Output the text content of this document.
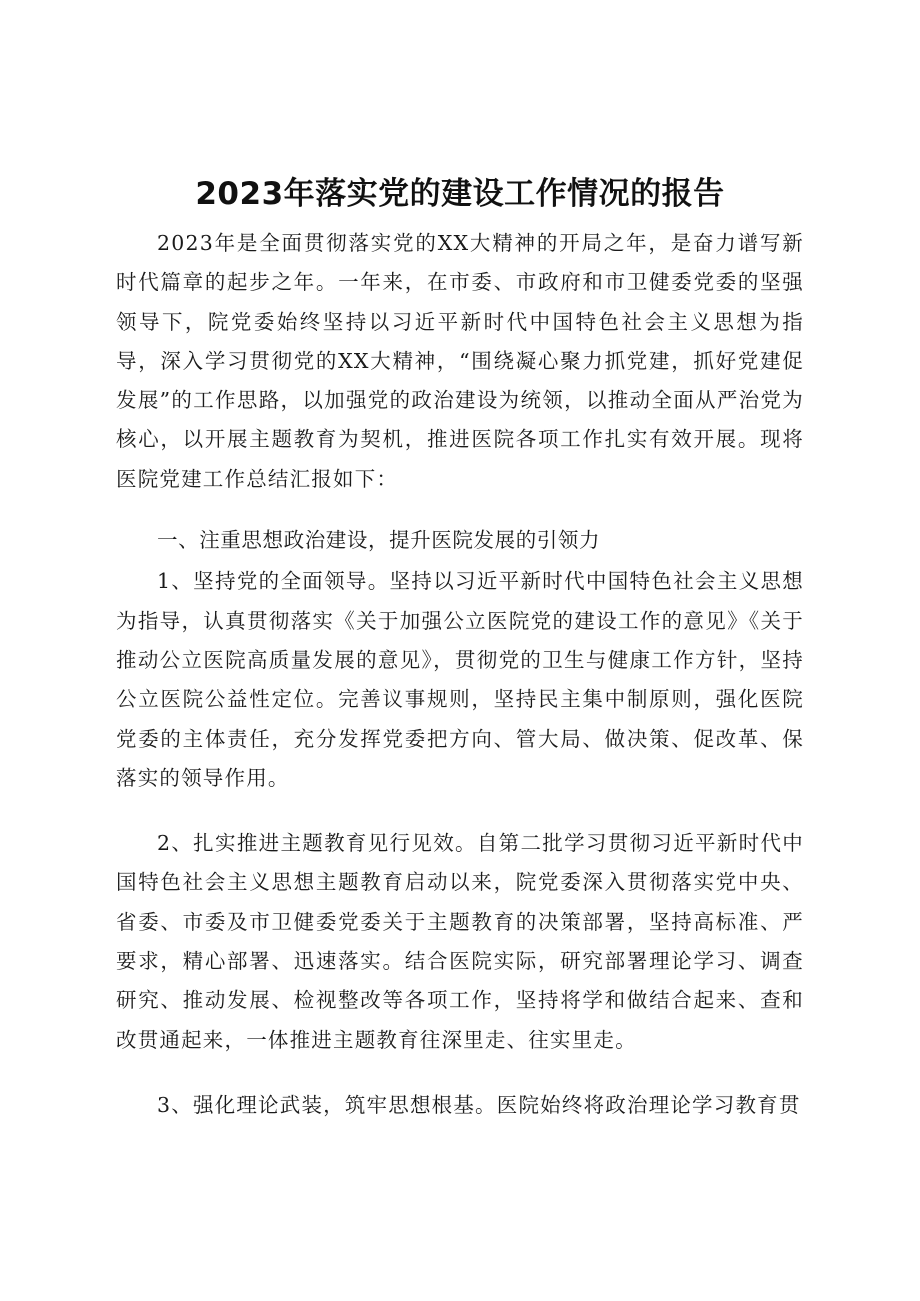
2023年落实党的建设工作情况的报告

2023年是全面贯彻落实党的XX大精神的开局之年，是奋力谱写新时代篇章的起步之年。一年来，在市委、市政府和市卫健委党委的坚强领导下，院党委始终坚持以习近平新时代中国特色社会主义思想为指导，深入学习贯彻党的XX大精神，“围绕凝心聚力抓党建，抓好党建促发展”的工作思路，以加强党的政治建设为统领，以推动全面从严治党为核心，以开展主题教育为契机，推进医院各项工作扎实有效开展。现将医院党建工作总结汇报如下：

一、注重思想政治建设，提升医院发展的引领力

1、坚持党的全面领导。坚持以习近平新时代中国特色社会主义思想为指导，认真贯彻落实《关于加强公立医院党的建设工作的意见》《关于推动公立医院高质量发展的意见》，贯彻党的卫生与健康工作方针，坚持公立医院公益性定位。完善议事规则，坚持民主集中制原则，强化医院党委的主体责任，充分发挥党委把方向、管大局、做决策、促改革、保落实的领导作用。

2、扎实推进主题教育见行见效。自第二批学习贯彻习近平新时代中国特色社会主义思想主题教育启动以来，院党委深入贯彻落实党中央、省委、市委及市卫健委党委关于主题教育的决策部署，坚持高标准、严要求，精心部署、迅速落实。结合医院实际，研究部署理论学习、调查研究、推动发展、检视整改等各项工作，坚持将学和做结合起来、查和改贯通起来，一体推进主题教育往深里走、往实里走。

3、强化理论武装，筑牢思想根基。医院始终将政治理论学习教育贯
